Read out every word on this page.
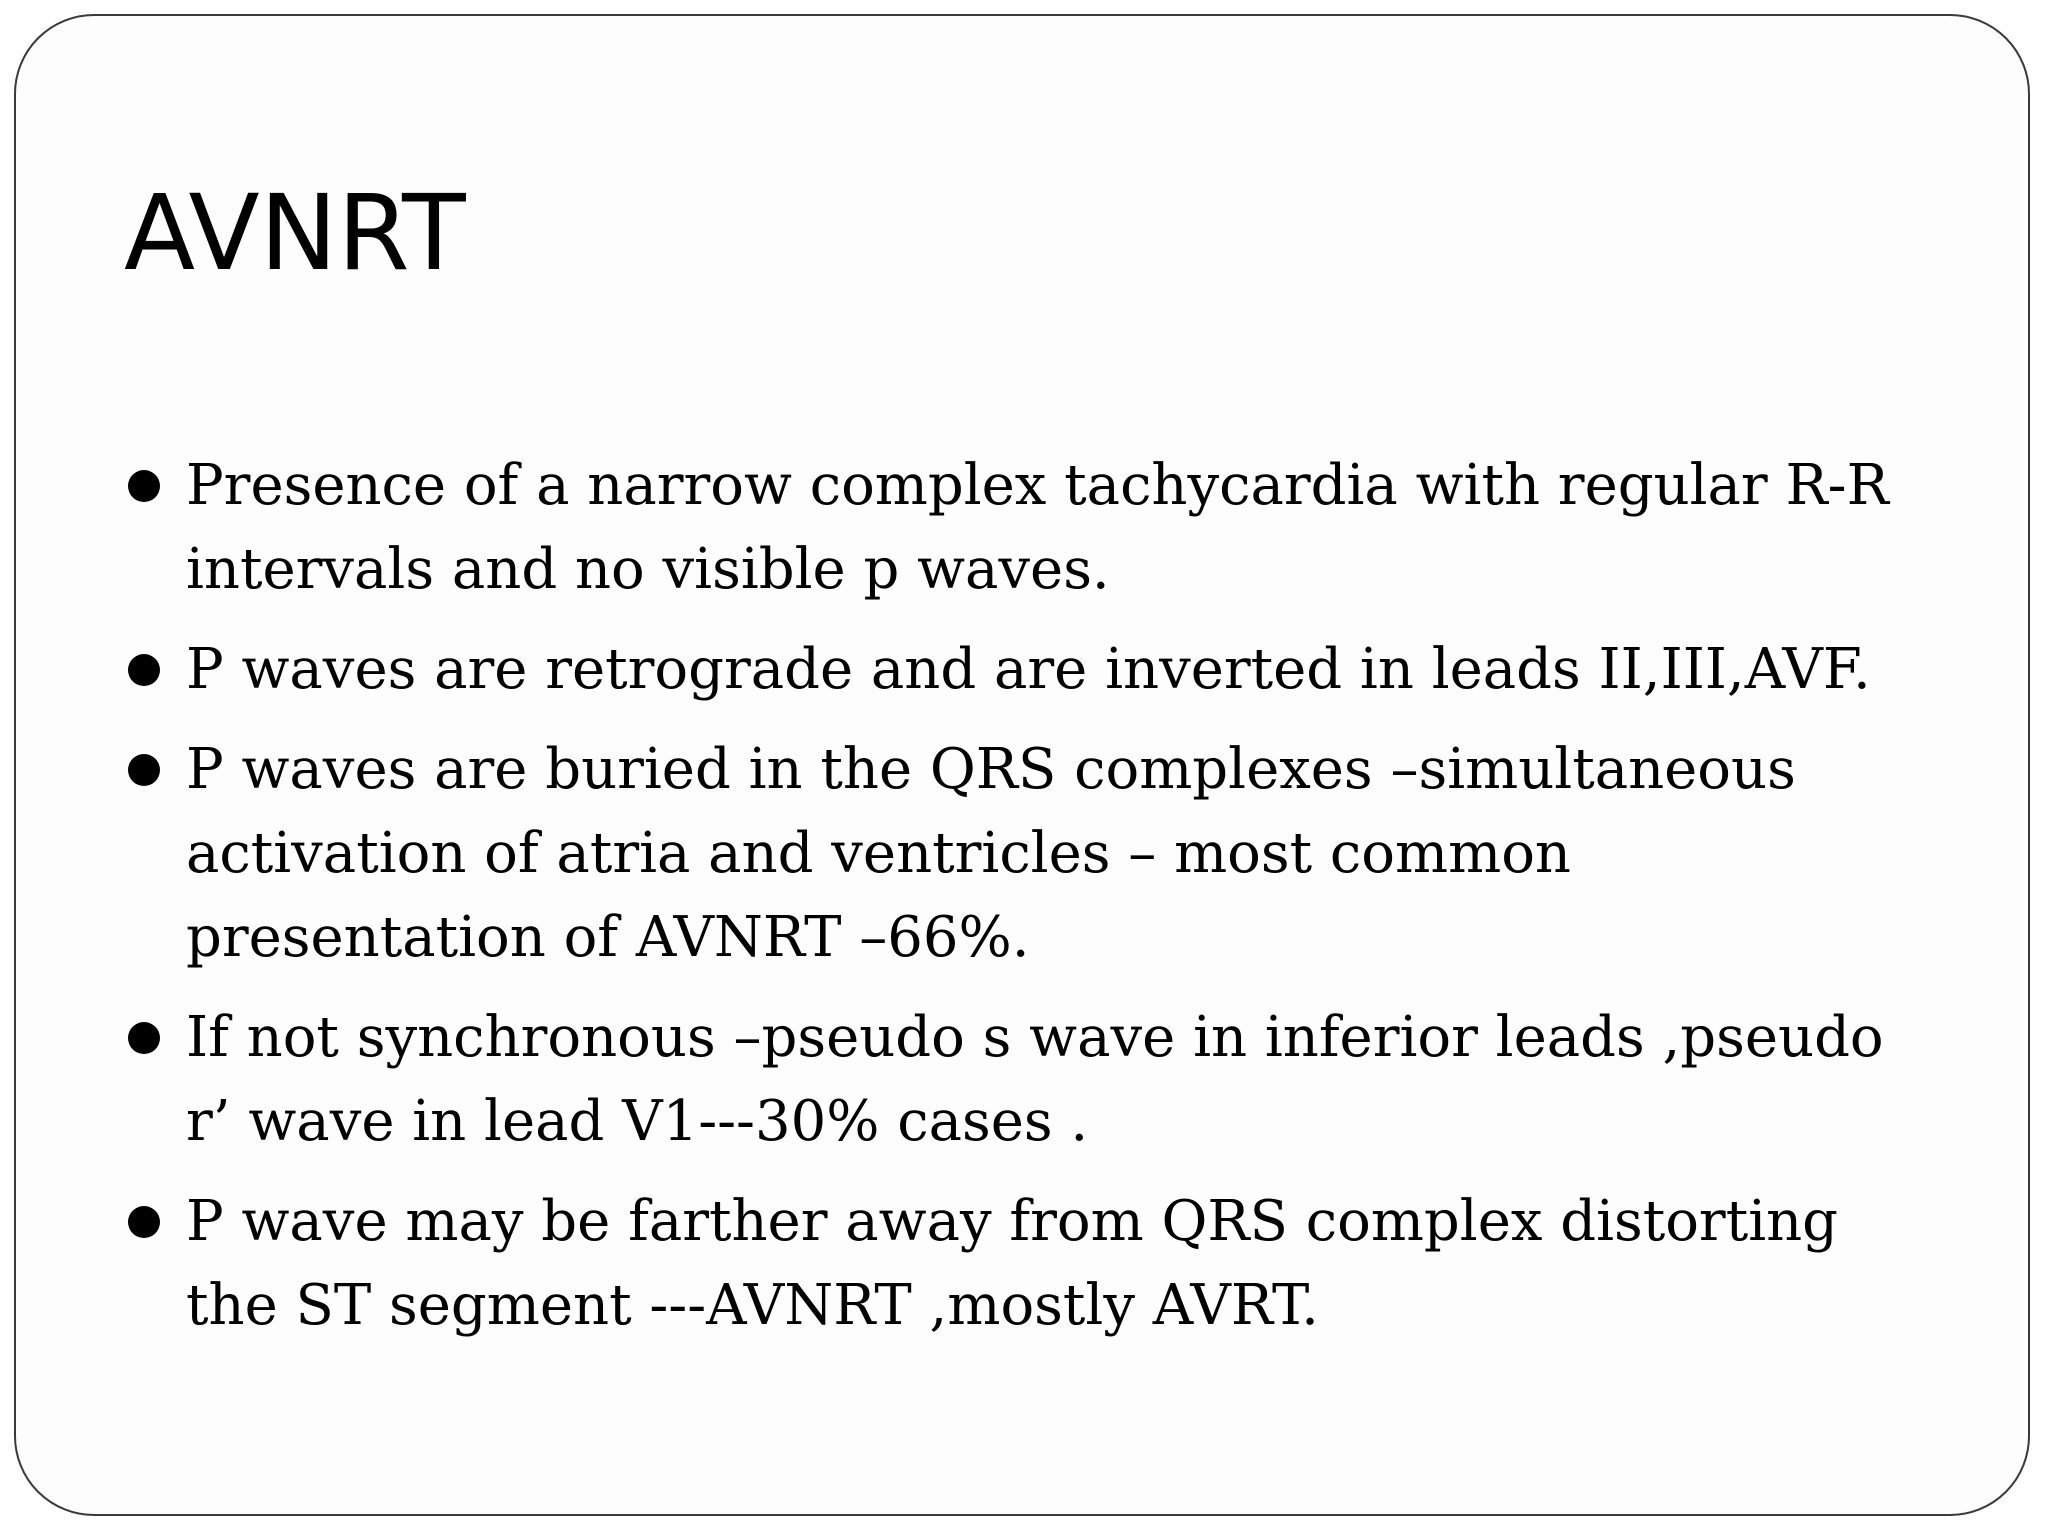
AVNRT
Presence of a narrow complex tachycardia with regular R-R intervals and no visible p waves.
P waves are retrograde and are inverted in leads II,III,AVF.
P waves are buried in the QRS complexes –simultaneous activation of atria and ventricles – most common presentation of AVNRT –66%.
If not synchronous –pseudo s wave in inferior leads ,pseudo r’ wave in lead V1---30% cases .
P wave may be farther away from QRS complex distorting the ST segment ---AVNRT ,mostly AVRT.
